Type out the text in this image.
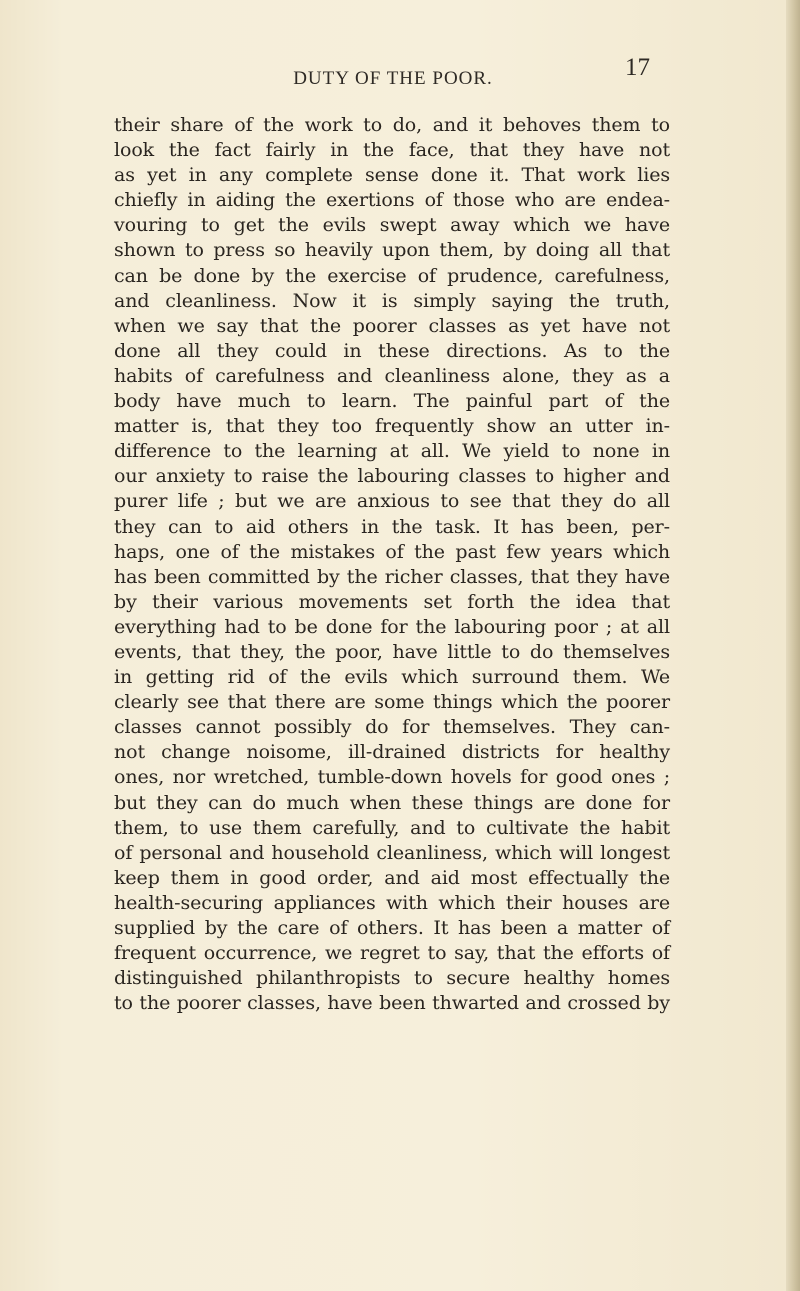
DUTY OF THE POOR.	17
their share of the work to do, and it behoves them to
look the fact fairly in the face, that they have not
as yet in any complete sense done it. That work lies
chiefly in aiding the exertions of those who are endea-
vouring to get the evils swept away which we have
shown to press so heavily upon them, by doing all that
can be done by the exercise of prudence, carefulness,
and cleanliness. Now it is simply saying the truth,
when we say that the poorer classes as yet have not
done all they could in these directions. As to the
habits of carefulness and cleanliness alone, they as a
body have much to learn. The painful part of the
matter is, that they too frequently show an utter in-
difference to the learning at all. We yield to none in
our anxiety to raise the labouring classes to higher and
purer life ; but we are anxious to see that they do all
they can to aid others in the task. It has been, per-
haps, one of the mistakes of the past few years which
has been committed by the richer classes, that they have
by their various movements set forth the idea that
everything had to be done for the labouring poor ; at all
events, that they, the poor, have little to do themselves
in getting rid of the evils which surround them. We
clearly see that there are some things which the poorer
classes cannot possibly do for themselves. They can-
not change noisome, ill-drained districts for healthy
ones, nor wretched, tumble-down hovels for good ones ;
but they can do much when these things are done for
them, to use them carefully, and to cultivate the habit
of personal and household cleanliness, which will longest
keep them in good order, and aid most effectually the
health-securing appliances with which their houses are
supplied by the care of others. It has been a matter of
frequent occurrence, we regret to say, that the efforts of
distinguished philanthropists to secure healthy homes
to the poorer classes, have been thwarted and crossed by
